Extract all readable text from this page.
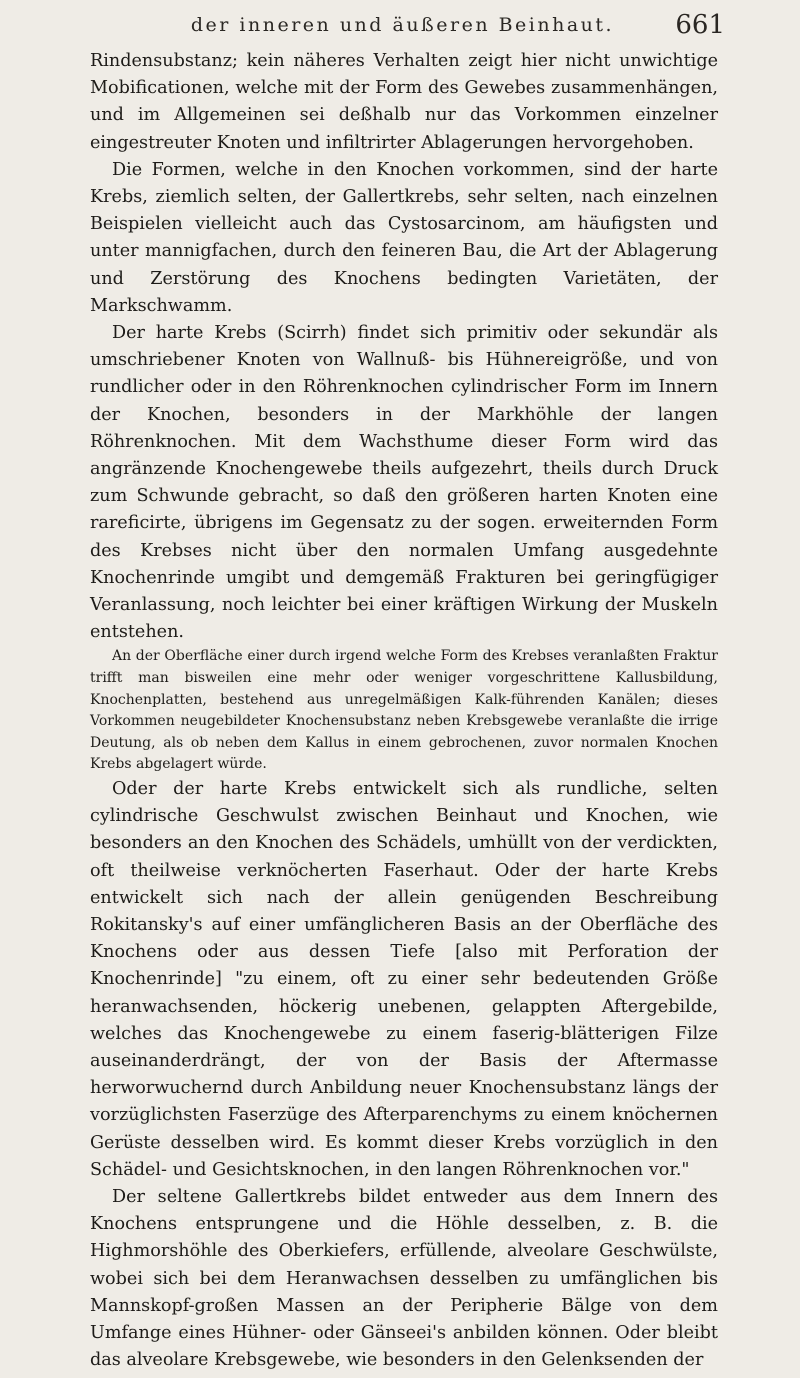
der inneren und äußeren Beinhaut.	661

Rindensubstanz; kein näheres Verhalten zeigt hier nicht unwichtige Mobificationen, welche mit der Form des Gewebes zusammenhängen, und im Allgemeinen sei deßhalb nur das Vorkommen einzelner eingestreuter Knoten und infiltrirter Ablagerungen hervorgehoben.

Die Formen, welche in den Knochen vorkommen, sind der harte Krebs, ziemlich selten, der Gallertkrebs, sehr selten, nach einzelnen Beispielen vielleicht auch das Cystosarcinom, am häufigsten und unter mannigfachen, durch den feineren Bau, die Art der Ablagerung und Zerstörung des Knochens bedingten Varietäten, der Markschwamm.

Der harte Krebs (Scirrh) findet sich primitiv oder sekundär als umschriebener Knoten von Wallnuß- bis Hühnereigröße, und von rundlicher oder in den Röhrenknochen cylindrischer Form im Innern der Knochen, besonders in der Markhöhle der langen Röhrenknochen. Mit dem Wachsthume dieser Form wird das angränzende Knochengewebe theils aufgezehrt, theils durch Druck zum Schwunde gebracht, so daß den größeren harten Knoten eine rareficirte, übrigens im Gegensatz zu der sogen. erweiternden Form des Krebses nicht über den normalen Umfang ausgedehnte Knochenrinde umgibt und demgemäß Frakturen bei geringfügiger Veranlassung, noch leichter bei einer kräftigen Wirkung der Muskeln entstehen.

An der Oberfläche einer durch irgend welche Form des Krebses veranlaßten Fraktur trifft man bisweilen eine mehr oder weniger vorgeschrittene Kallusbildung, Knochenplatten, bestehend aus unregelmäßigen Kalk-führenden Kanälen; dieses Vorkommen neugebildeter Knochensubstanz neben Krebsgewebe veranlaßte die irrige Deutung, als ob neben dem Kallus in einem gebrochenen, zuvor normalen Knochen Krebs abgelagert würde.

Oder der harte Krebs entwickelt sich als rundliche, selten cylindrische Geschwulst zwischen Beinhaut und Knochen, wie besonders an den Knochen des Schädels, umhüllt von der verdickten, oft theilweise verknöcherten Faserhaut. Oder der harte Krebs entwickelt sich nach der allein genügenden Beschreibung Rokitansky's auf einer umfänglicheren Basis an der Oberfläche des Knochens oder aus dessen Tiefe [also mit Perforation der Knochenrinde] "zu einem, oft zu einer sehr bedeutenden Größe heranwachsenden, höckerig unebenen, gelappten Aftergebilde, welches das Knochengewebe zu einem faserig-blätterigen Filze auseinanderdrängt, der von der Basis der Aftermasse herworwuchernd durch Anbildung neuer Knochensubstanz längs der vorzüglichsten Faserzüge des Afterparenchyms zu einem knöchernen Gerüste desselben wird. Es kommt dieser Krebs vorzüglich in den Schädel- und Gesichtsknochen, in den langen Röhrenknochen vor."

Der seltene Gallertkrebs bildet entweder aus dem Innern des Knochens entsprungene und die Höhle desselben, z. B. die Highmorshöhle des Oberkiefers, erfüllende, alveolare Geschwülste, wobei sich bei dem Heranwachsen desselben zu umfänglichen bis Mannskopf-großen Massen an der Peripherie Bälge von dem Umfange eines Hühner- oder Gänseei's anbilden können. Oder bleibt das alveolare Krebsgewebe, wie besonders in den Gelenksenden der
